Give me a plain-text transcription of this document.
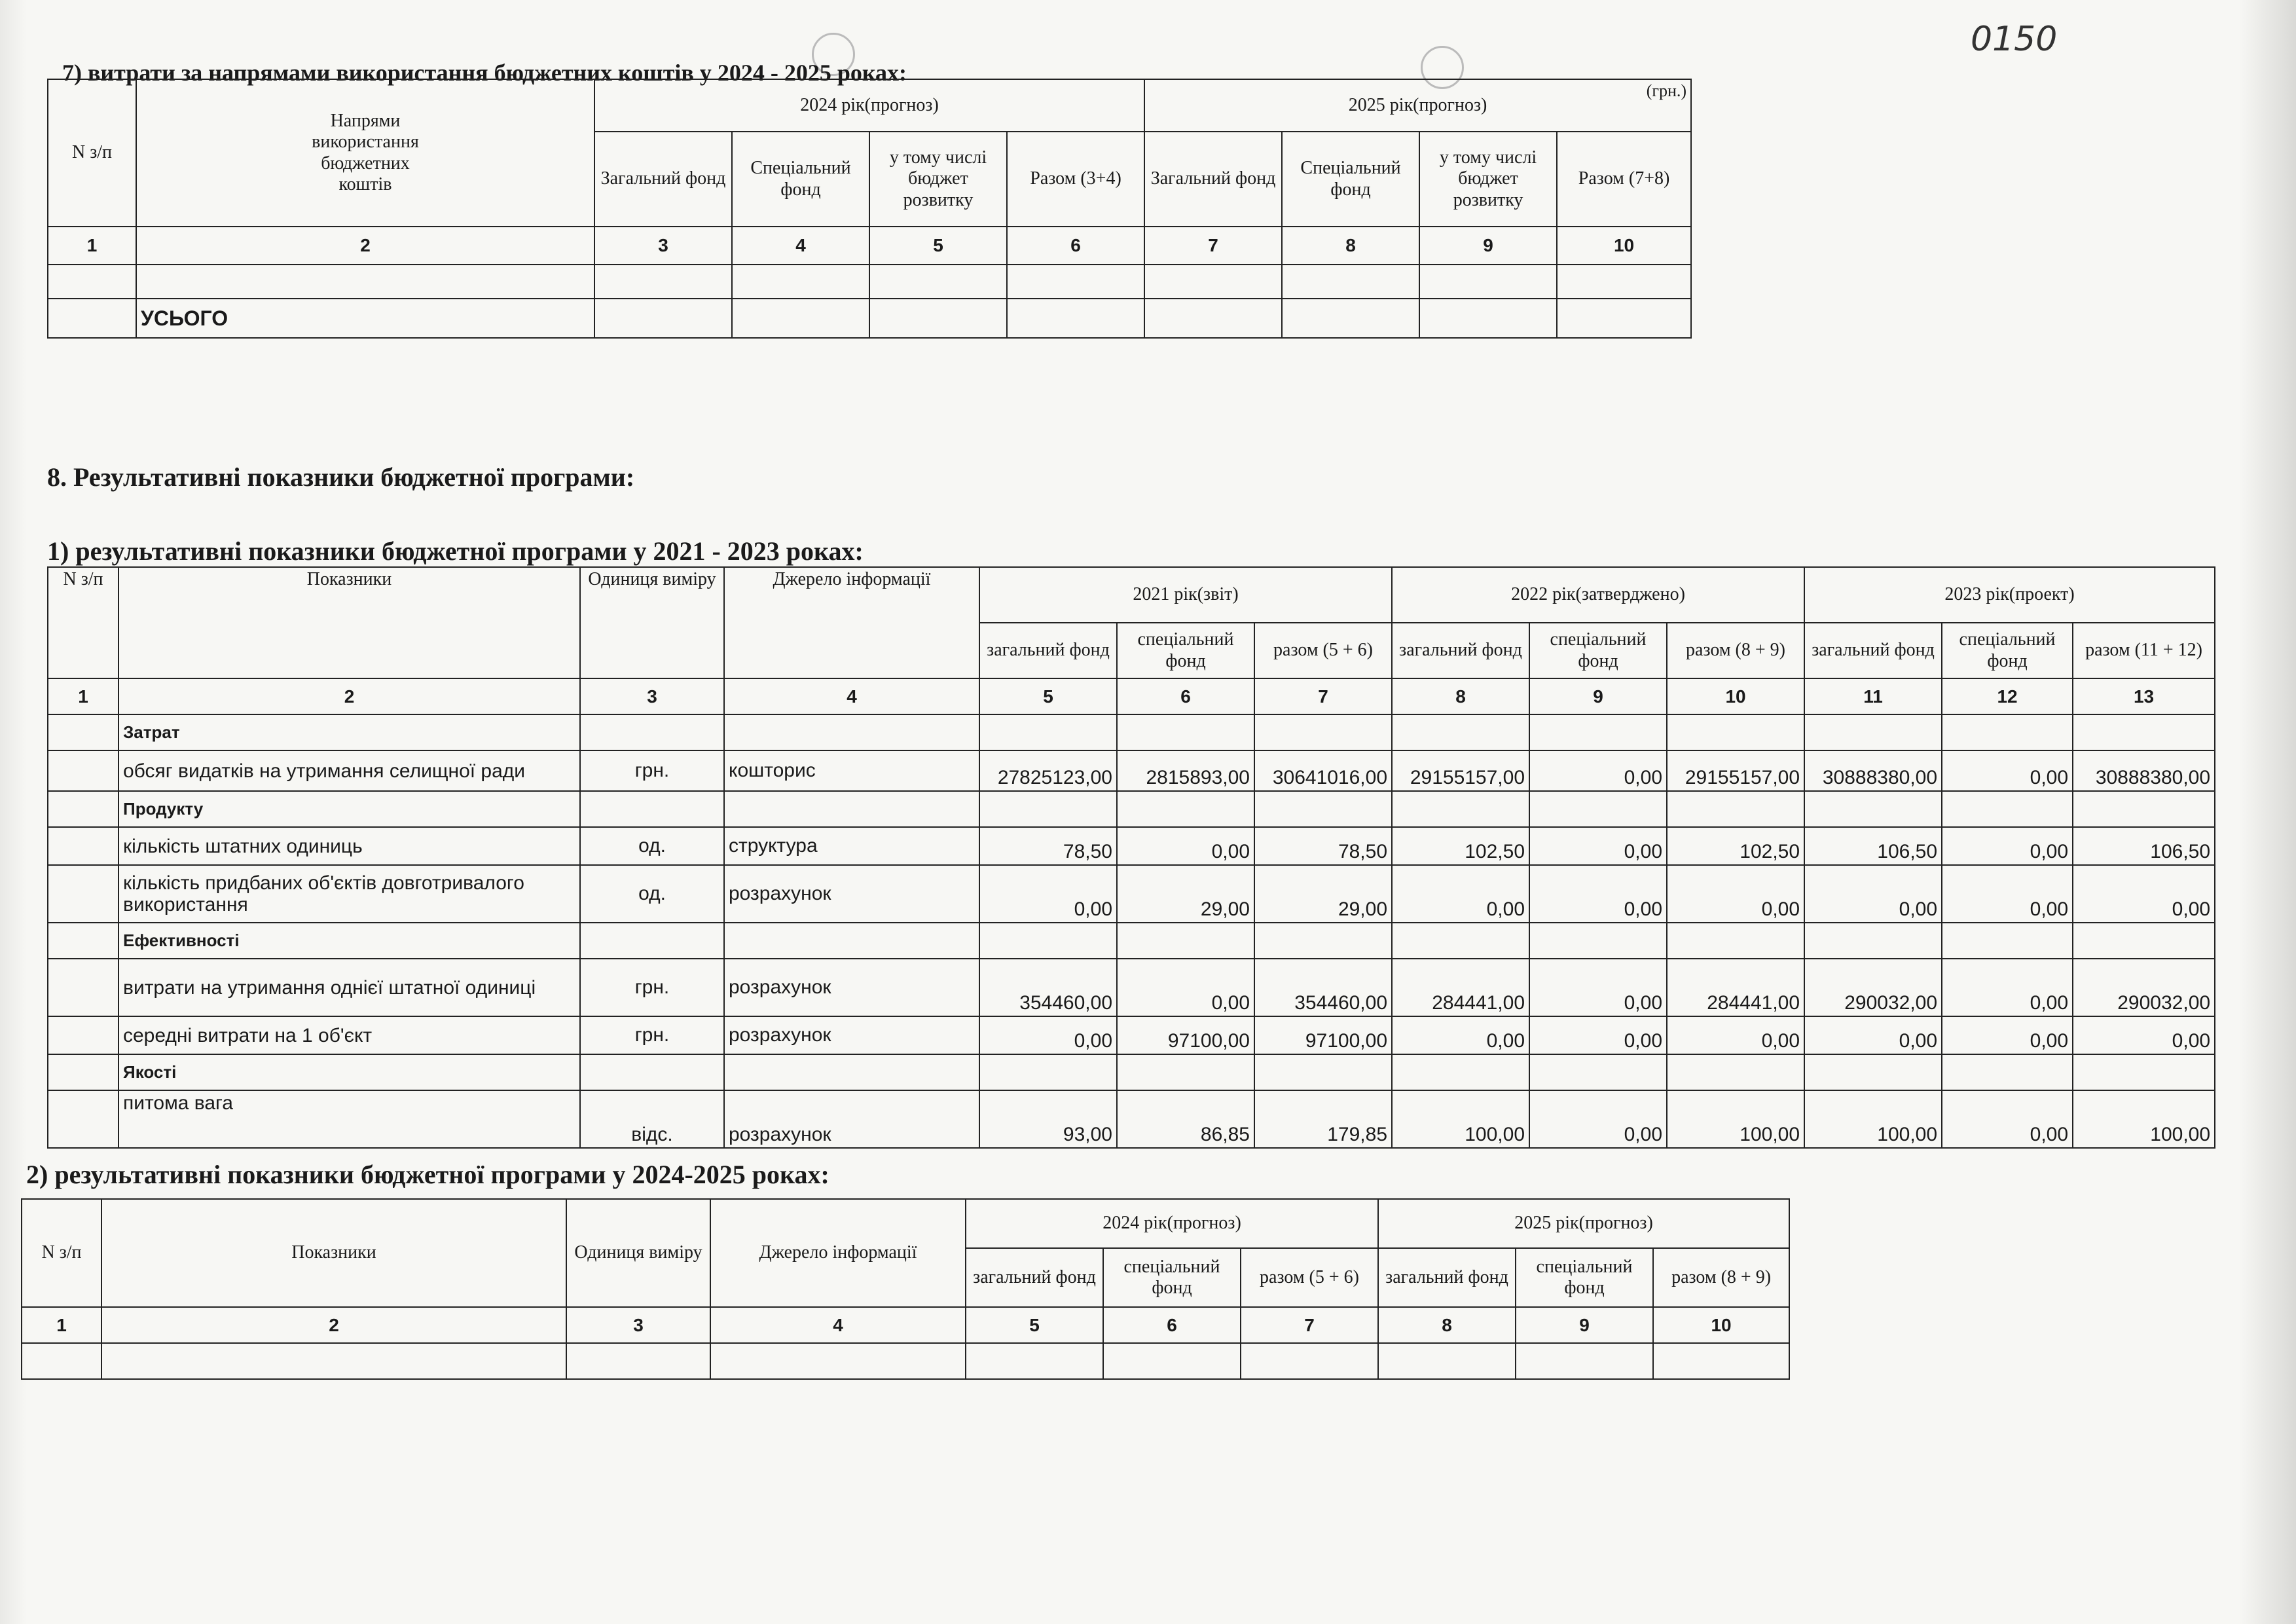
0150
7) витрати за напрямами використання бюджетних коштів у 2024 - 2025 роках:
N з/п	Напрями використання бюджетних коштів	2024 рік(прогноз)				2025 рік(прогноз)
(грн.)			

		Загальний фонд	Спеціальний фонд	у тому числі бюджет розвитку	Разом (3+4)	Загальний фонд	Спеціальний фонд	у тому числі бюджет розвитку	Разом (7+8)
1	2	3	4	5	6	7	8	9	10

	УСЬОГО								
8. Результативні показники бюджетної програми:
1) результативні показники бюджетної програми у 2021 - 2023 роках:
N з/п	Показники	Одиниця виміру	Джерело інформації	2021 рік(звіт)			2022 рік(затверджено)			2023 рік(проект)		
				загальний фонд	спеціальний фонд	разом (5 + 6)	загальний фонд	спеціальний фонд	разом (8 + 9)	загальний фонд	спеціальний фонд	разом (11 + 12)
1	2	3	4	5	6	7	8	9	10	11	12	13
	Затрат											
	обсяг видатків на утримання селищної ради	грн.	кошторис	27825123,00	2815893,00	30641016,00	29155157,00	0,00	29155157,00	30888380,00	0,00	30888380,00
	Продукту											
	кількість штатних одиниць	од.	структура	78,50	0,00	78,50	102,50	0,00	102,50	106,50	0,00	106,50
	кількість придбаних об'єктів довготривалого використання	од.	розрахунок	0,00	29,00	29,00	0,00	0,00	0,00	0,00	0,00	0,00
	Ефективності											
	витрати на утримання однієї штатної одиниці	грн.	розрахунок	354460,00	0,00	354460,00	284441,00	0,00	284441,00	290032,00	0,00	290032,00
	середні витрати на 1 об'єкт	грн.	розрахунок	0,00	97100,00	97100,00	0,00	0,00	0,00	0,00	0,00	0,00
	Якості											
	питома вага	відс.	розрахунок	93,00	86,85	179,85	100,00	0,00	100,00	100,00	0,00	100,00
2) результативні показники бюджетної програми у 2024-2025 роках:
N з/п	Показники	Одиниця виміру	Джерело інформації	2024 рік(прогноз)			2025 рік(прогноз)		
				загальний фонд	спеціальний фонд	разом (5 + 6)	загальний фонд	спеціальний фонд	разом (8 + 9)
1	2	3	4	5	6	7	8	9	10
